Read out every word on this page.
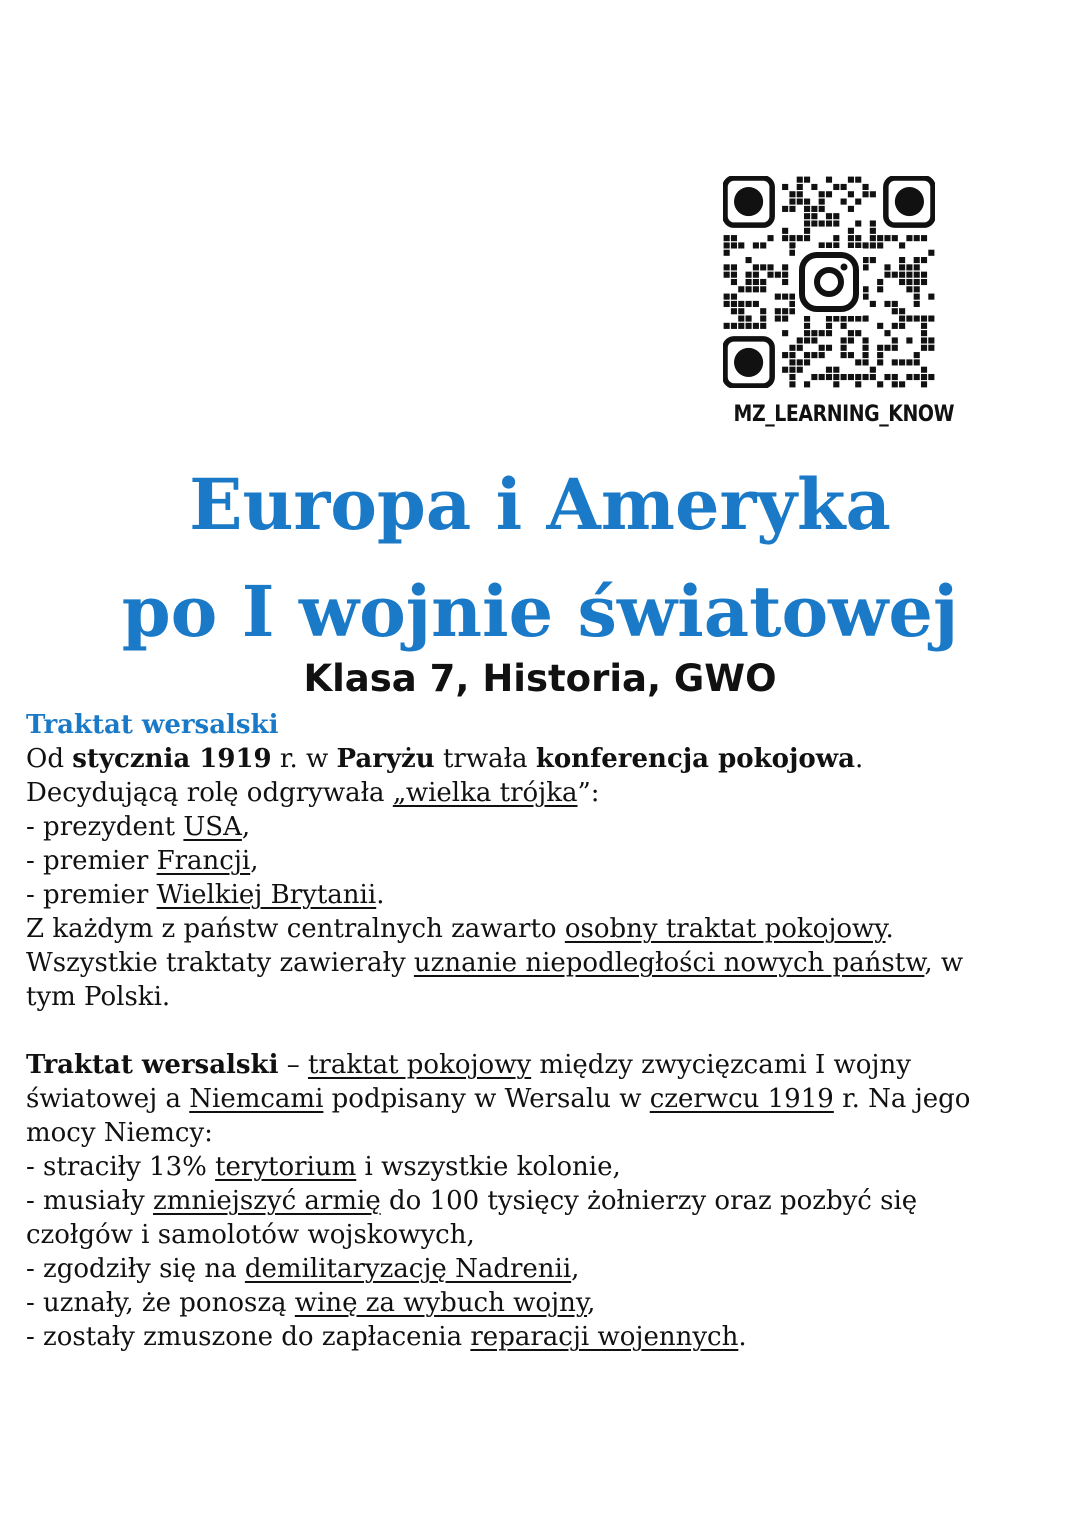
MZ_LEARNING_KNOW
Europa i Ameryka
po I wojnie światowej
Klasa 7, Historia, GWO

Traktat wersalski

Od stycznia 1919 r. w Paryżu trwała konferencja pokojowa.

Decydującą rolę odgrywała „wielka trójka”:

- prezydent USA,

- premier Francji,

- premier Wielkiej Brytanii.

Z każdym z państw centralnych zawarto osobny traktat pokojowy.

Wszystkie traktaty zawierały uznanie niepodległości nowych państw, w

tym Polski.

Traktat wersalski – traktat pokojowy między zwycięzcami I wojny

światowej a Niemcami podpisany w Wersalu w czerwcu 1919 r. Na jego

mocy Niemcy:

- straciły 13% terytorium i wszystkie kolonie,

- musiały zmniejszyć armię do 100 tysięcy żołnierzy oraz pozbyć się

czołgów i samolotów wojskowych,

- zgodziły się na demilitaryzację Nadrenii,

- uznały, że ponoszą winę za wybuch wojny,

- zostały zmuszone do zapłacenia reparacji wojennych.
